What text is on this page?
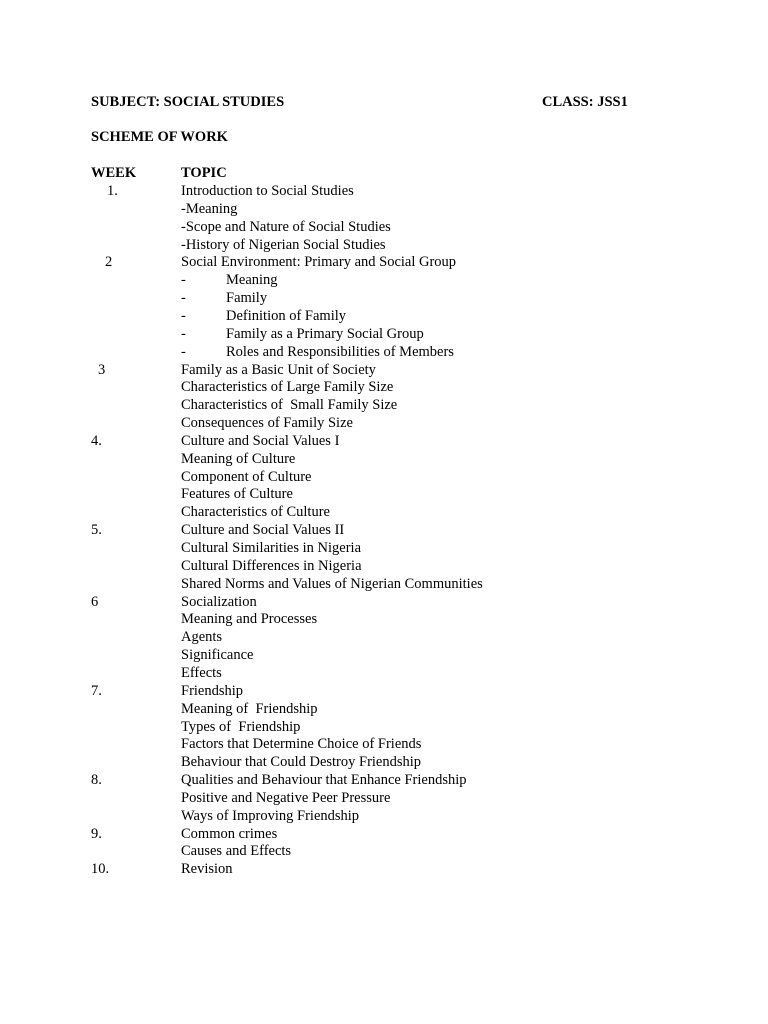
SUBJECT: SOCIAL STUDIES	CLASS: JSS1
SCHEME OF WORK
WEEK	TOPIC
1.	Introduction to Social Studies
-Meaning
-Scope and Nature of Social Studies
-History of Nigerian Social Studies
2	Social Environment: Primary and Social Group
-	Meaning
-	Family
-	Definition of Family
-	Family as a Primary Social Group
-	Roles and Responsibilities of Members
3	Family as a Basic Unit of Society
Characteristics of Large Family Size
Characteristics of  Small Family Size
Consequences of Family Size
4.	Culture and Social Values I
Meaning of Culture
Component of Culture
Features of Culture
Characteristics of Culture
5.	Culture and Social Values II
Cultural Similarities in Nigeria
Cultural Differences in Nigeria
Shared Norms and Values of Nigerian Communities
6	Socialization
Meaning and Processes
Agents
Significance
Effects
7.	Friendship
Meaning of  Friendship
Types of  Friendship
Factors that Determine Choice of Friends
Behaviour that Could Destroy Friendship
8.	Qualities and Behaviour that Enhance Friendship
Positive and Negative Peer Pressure
Ways of Improving Friendship
9.	Common crimes
Causes and Effects
10.	Revision
